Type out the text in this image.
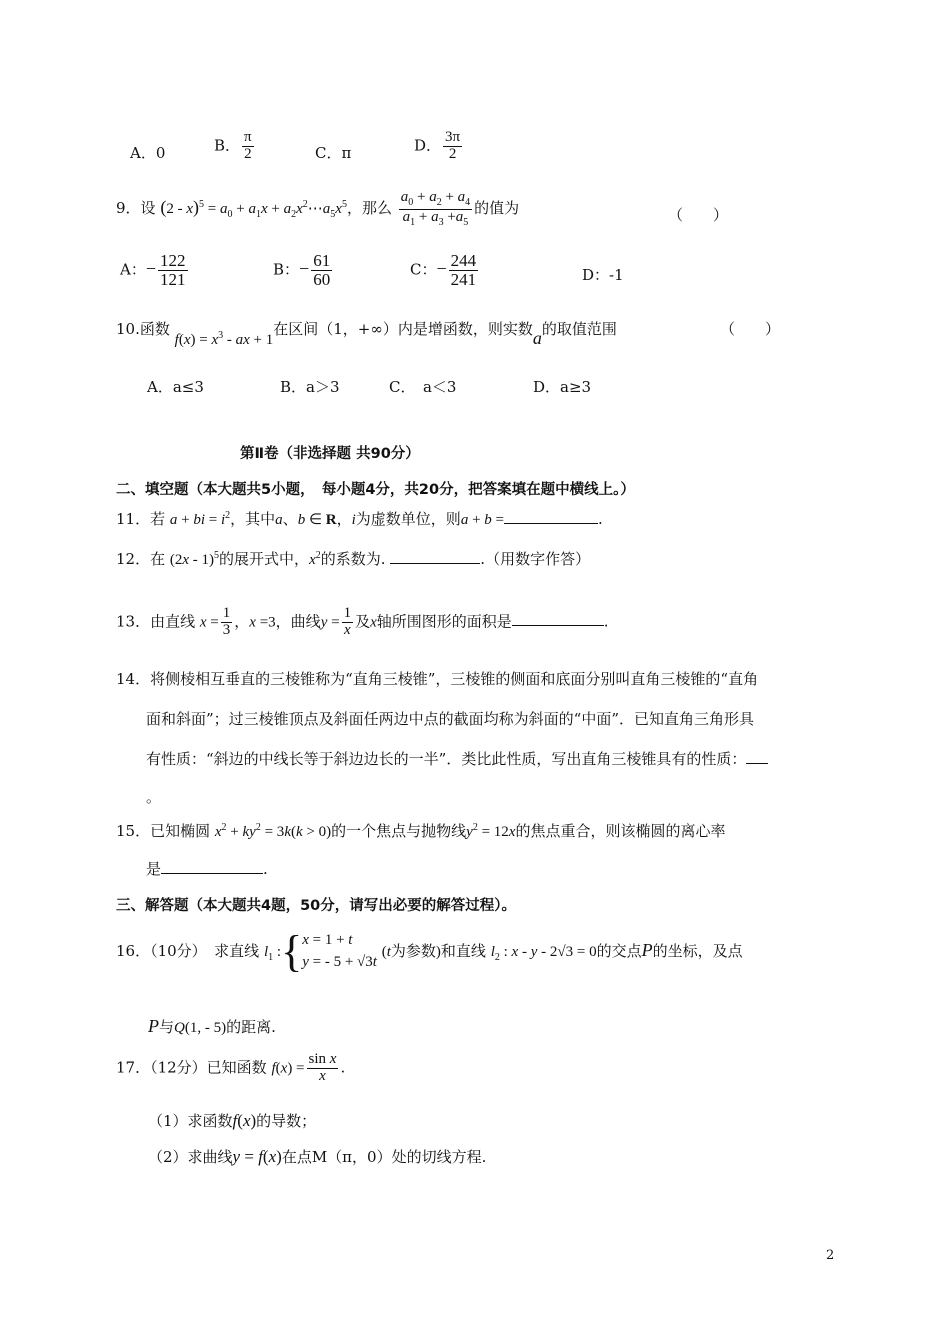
A．0	B． $\frac{\pi}{2}$	C．π	D． $\frac{3\pi}{2}$
9．设 $(2 - x)^5 = a_0 + a_1x$ + $a_2x^2\cdots a_5x^5$，那么 $\frac{a_0 + a_2 + a_4}{a_1 + a_3 +a_5}$ 的值为	（　　）
A：− $\frac{122}{121}$	B：− $\frac{61}{60}$	C：− $\frac{244}{241}$	D：-1
10.函数 $f(x) = x^3$ - ax + 1在区间（1，+∞）内是增函数，则实数a的取值范围	（　　）
A．a≤3	B．a＞3	C．　a＜3	D．a≥3
第Ⅱ卷（非选择题 共90分）
二、填空题（本大题共5小题，　每小题4分，共20分，把答案填在题中横线上。）
11．若 a + bi = $i^2$，其中a、b ∈ R，i为虚数单位，则a + b =	.
12．在 (2x - 1)$^5$的展开式中，$x^2$的系数为.	.（用数字作答）
13．由直线 $x = \frac{1}{3}$ ，x =3，曲线$y = \frac{1}{x}$ 及x轴所围图形的面积是	.
14．将侧棱相互垂直的三棱锥称为“直角三棱锥”，三棱锥的侧面和底面分别叫直角三棱锥的“直角
面和斜面”；过三棱锥顶点及斜面任两边中点的截面均称为斜面的“中面”．已知直角三角形具
有性质：“斜边的中线长等于斜边边长的一半”．类比此性质，写出直角三棱锥具有的性质：
。
15．已知椭圆 $x^2 + ky^2 = 3k(k > 0)$的一个焦点与抛物线$y^2 = 12x$的焦点重合，则该椭圆的离心率
是	.
三、解答题（本大题共4题，50分，请写出必要的解答过程）。
16．（10分）　求直线 $l_1$ :{ x = 1 + t
y = - 5 + √3t
(t为参数)和直线 $l_2$ : x - y - 2√3 = 0的交点P的坐标，及点
P与Q(1, - 5)的距离.
17．（12分）已知函数 $f(x) = \frac{\text{sin x}}{x}$ .
（1）求函数f(x)的导数；
（2）求曲线y = f(x)在点M（π，0）处的切线方程.
2
